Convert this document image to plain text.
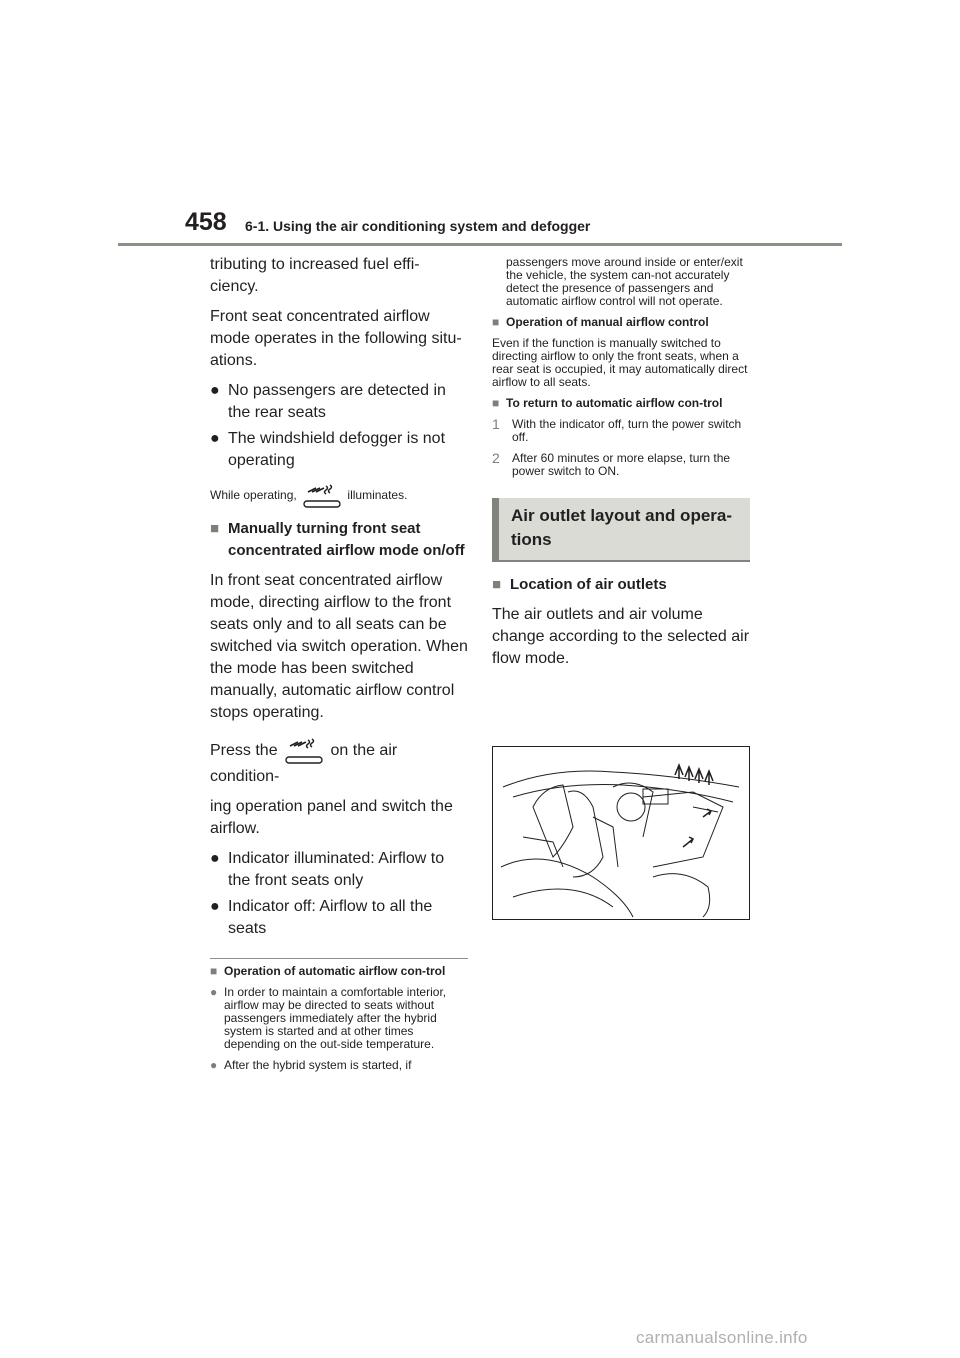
458 6-1. Using the air conditioning system and defogger

tributing to increased fuel effi-ciency.

Front seat concentrated airflow mode operates in the following situ-ations.

● No passengers are detected in the rear seats
● The windshield defogger is not operating

While operating,	illuminates.

■ Manually turning front seat concentrated airflow mode on/off

In front seat concentrated airflow mode, directing airflow to the front seats only and to all seats can be switched via switch operation. When the mode has been switched manually, automatic airflow control stops operating.

Press the	on the air condition-

ing operation panel and switch the airflow.

● Indicator illuminated: Airflow to the front seats only
● Indicator off: Airflow to all the seats
■ Operation of automatic airflow con-trol
● In order to maintain a comfortable interior, airflow may be directed to seats without passengers immediately after the hybrid system is started and at other times depending on the out-side temperature.
● After the hybrid system is started, if

passengers move around inside or enter/exit the vehicle, the system can-not accurately detect the presence of passengers and automatic airflow control will not operate.

■ Operation of manual airflow control

Even if the function is manually switched to directing airflow to only the front seats, when a rear seat is occupied, it may automatically direct airflow to all seats.

■ To return to automatic airflow con-trol
1 With the indicator off, turn the power switch off.
2 After 60 minutes or more elapse, turn the power switch to ON.
Air outlet layout and opera-tions
■ Location of air outlets

The air outlets and air volume change according to the selected air flow mode.

carmanualsonline.info
